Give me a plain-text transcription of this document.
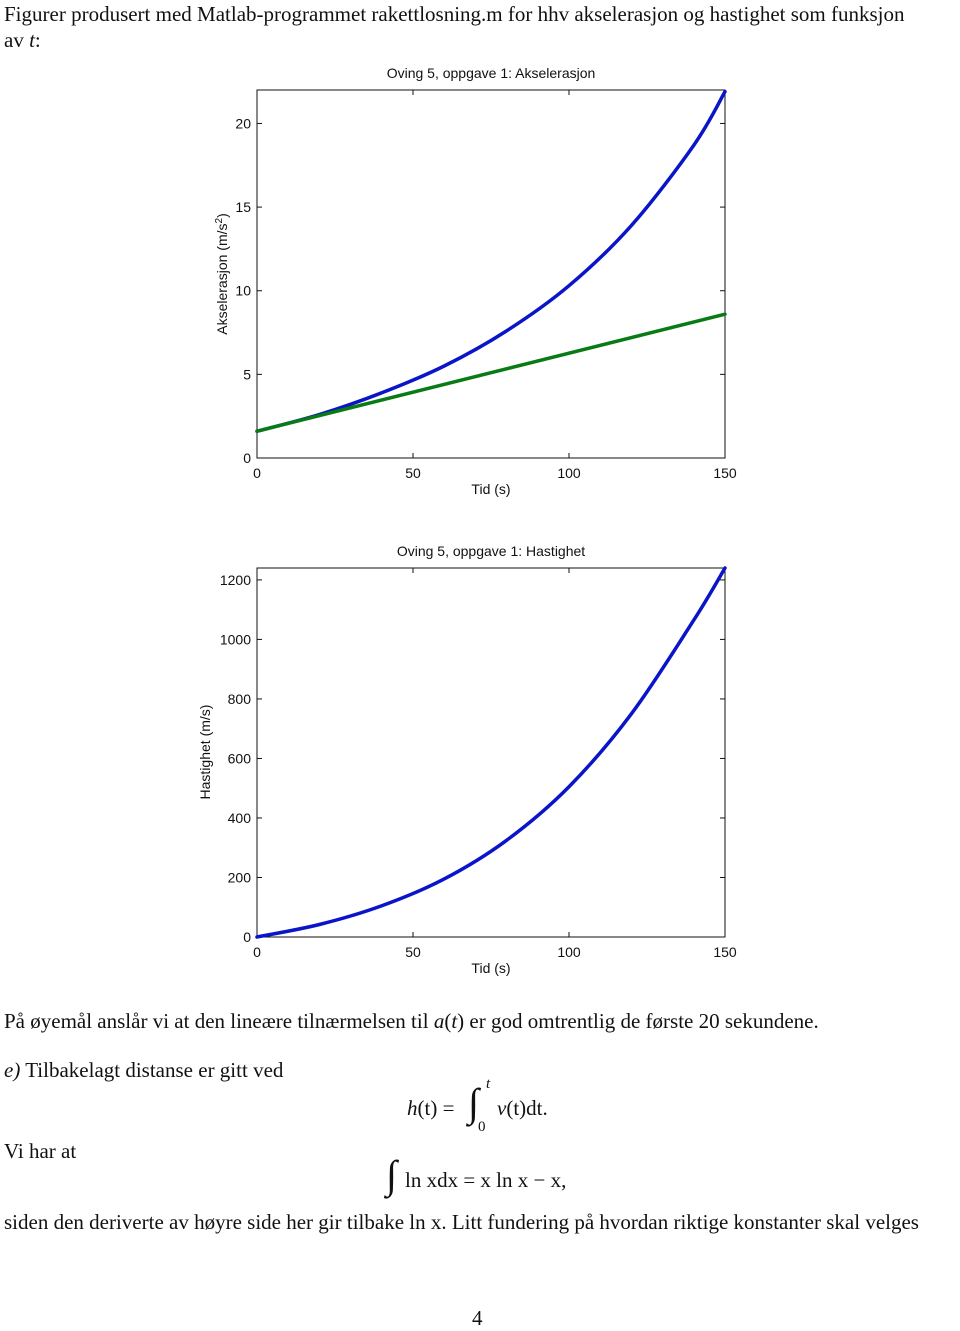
Figurer produsert med Matlab-programmet rakettlosning.m for hhv akselerasjon og hastighet som funksjon
av t:
Oving 5, oppgave 1: Akselerasjon
Tid (s)
Akselerasjon $(m/s^2)$
0	50	100	150
0
5
10
15
20
Oving 5, oppgave 1: Hastighet
Tid (s)
Hastighet (m/s)
0	50	100	150
0
200
400
600
800
1000
1200
På øyemål anslår vi at den lineære tilnærmelsen til a(t) er god omtrentlig de første 20 sekundene.
e) Tilbakelagt distanse er gitt ved
h(t) = ∫ t
0
v(t)dt.
Vi har at
∫ ln xdx = x ln x − x,
siden den deriverte av høyre side her gir tilbake ln x. Litt fundering på hvordan riktige konstanter skal velges
4
